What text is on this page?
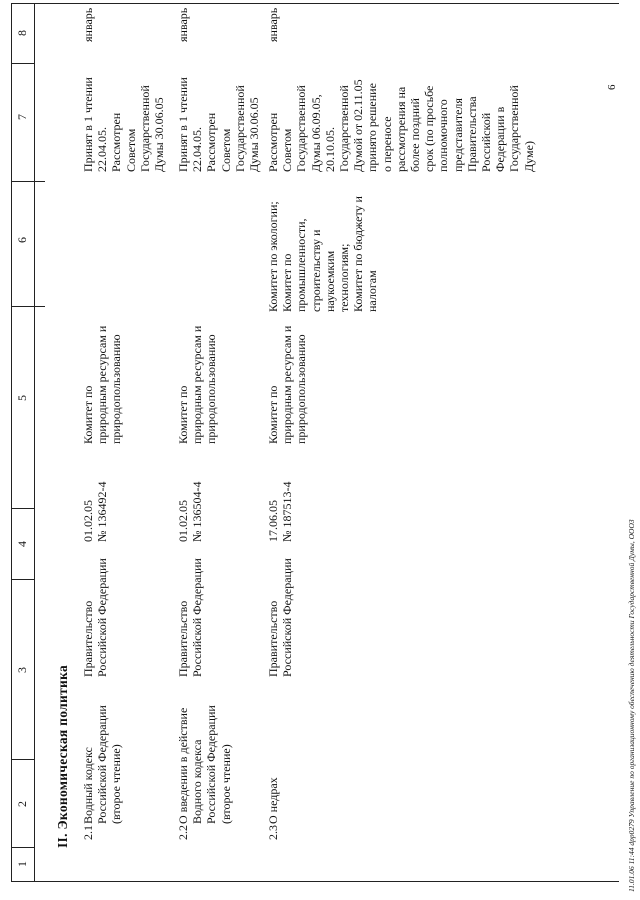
1
2
3
4
5
6
7
8
II. Экономическая политика 2.1
Водный кодекс
Российской Федерации
(второе чтение)
Правительство
Российской Федерации
01.02.05
№ 136492-4
Комитет по
природным ресурсам и
природопользованию
Принят в 1 чтении
22.04.05.
Рассмотрен
Советом
Государственной
Думы 30.06.05
январь
2.2
О введении в действие
Водного кодекса
Российской Федерации
(второе чтение)
Правительство
Российской Федерации
01.02.05
№ 136504-4
Комитет по
природным ресурсам и
природопользованию
Принят в 1 чтении
22.04.05.
Рассмотрен
Советом
Государственной
Думы 30.06.05
январь
2.3
О недрах
Правительство
Российской Федерации
17.06.05
№ 187513-4
Комитет по
природным ресурсам и
природопользованию
Комитет по экологии;
Комитет по
промышленности,
строительству и
наукоемким
технологиям;
Комитет по бюджету и
налогам
Рассмотрен
Советом
Государственной
Думы 06.09.05,
20.10.05.
Государственной
Думой от 02.11.05
принято решение
о переносе
рассмотрения на
более поздний
срок (по просьбе
полномочного
представителя
Правительства
Российской
Федерации в
Государственной
Думе)
январь
6
11.01.06 11:44 dpp0279 Управление по организационному обеспечению деятельности Государственной Думы, ООО3
